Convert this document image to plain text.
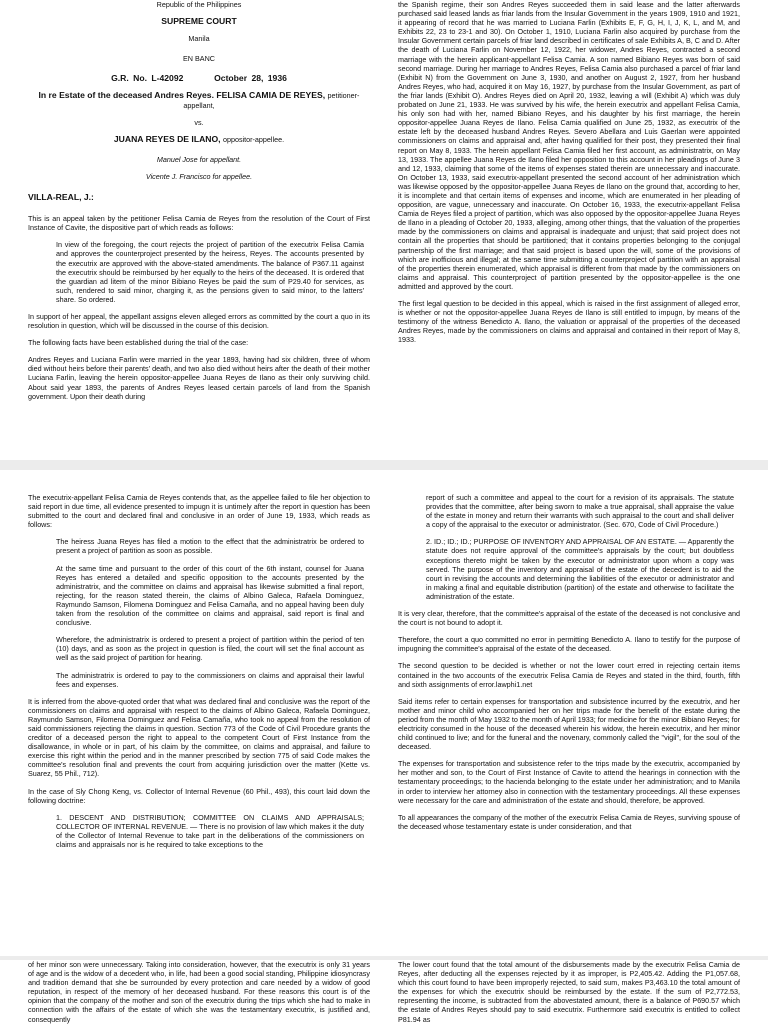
Republic of the Philippines

SUPREME COURT

Manila

EN BANC

G.R. No. L-42092	October 28, 1936

In re Estate of the deceased Andres Reyes. FELISA CAMIA DE REYES, petitioner-appellant,

vs.

JUANA REYES DE ILANO, oppositor-appellee.

Manuel Jose for appellant.

Vicente J. Francisco for appellee.

VILLA-REAL, J.:

This is an appeal taken by the petitioner Felisa Camia de Reyes from the resolution of the Court of First Instance of Cavite, the dispositive part of which reads as follows:

In view of the foregoing, the court rejects the project of partition of the executrix Felisa Camia and approves the counterproject presented by the heiress, Reyes. The accounts presented by the executrix are approved with the above-stated amendments. The balance of P367.11 against the executrix should be reimbursed by her equally to the heirs of the deceased. It is ordered that the guardian ad litem of the minor Bibiano Reyes be paid the sum of P29.40 for services, as such, rendered to said minor, charging it, as the pensions given to said minor, to the latters' share. So ordered.

In support of her appeal, the appellant assigns eleven alleged errors as committed by the court a quo in its resolution in question, which will be discussed in the course of this decision.

The following facts have been established during the trial of the case:

Andres Reyes and Luciana Farlin were married in the year 1893, having had six children, three of whom died without heirs before their parents' death, and two also died without heirs after the death of their mother Luciana Farlin, leaving the herein oppositor-appellee Juana Reyes de Ilano as their only surviving child. About said year 1893, the parents of Andres Reyes leased certain parcels of land from the Spanish government. Upon their death during

the Spanish regime, their son Andres Reyes succeeded them in said lease and the latter afterwards purchased said leased lands as friar lands from the Insular Government in the years 1909, 1910 and 1921, it appearing of record that he was married to Luciana Farlin (Exhibits E, F, G, H, I, J, K, L, and M, and Exhibits 22, 23 to 23-1 and 30). On October 1, 1910, Luciana Farlin also acquired by purchase from the Insular Government certain parcels of friar land described in certificates of sale Exhibits A, B, C and D. After the death of Luciana Farlin on November 12, 1922, her widower, Andres Reyes, contracted a second marriage with the herein applicant-appellant Felisa Camia. A son named Bibiano Reyes was born of said second marriage. During her marriage to Andres Reyes, Felisa Camia also purchased a parcel of friar land (Exhibit N) from the Government on June 3, 1930, and another on August 2, 1927, from her husband Andres Reyes, who had, acquired it on May 16, 1927, by purchase from the Insular Government, as part of the friar lands (Exhibit O). Andres Reyes died on April 20, 1932, leaving a will (Exhibit A) which was duly probated on June 21, 1933. He was survived by his wife, the herein executrix and appellant Felisa Camia, his only son had with her, named Bibiano Reyes, and his daughter by his first marriage, the herein oppositor-appellee Juana Reyes de Ilano. Felisa Camia qualified on June 25, 1932, as executrix of the estate left by the deceased husband Andres Reyes. Severo Abellara and Luis Gaerlan were appointed commissioners on claims and appraisal and, after having qualified for their post, they presented their final report on May 8, 1933. The herein appellant Felisa Camia filed her first account, as administratrix, on May 13, 1933. The appellee Juana Reyes de Ilano filed her opposition to this account in her pleadings of June 3 and 12, 1933, claiming that some of the items of expenses stated therein are unnecessary and inaccurate. On October 13, 1933, said executrix-appellant presented the second account of her administration which was likewise opposed by the oppositor-appellee Juana Reyes de Ilano on the ground that, according to her, it is incomplete and that certain items of expenses and income, which are enumerated in her pleading of opposition, are vague, unnecessary and inaccurate. On October 16, 1933, the executrix-appellant Felisa Camia de Reyes filed a project of partition, which was also opposed by the oppositor-appellee Juana Reyes de Ilano in a pleading of October 20, 1933, alleging, among other things, that the valuation of the properties made by the commissioners on claims and appraisal is inadequate and unjust; that said project does not contain all the properties that should be partitioned; that it contains properties belonging to the conjugal partnership of the first marriage; and that said project is based upon the will, some of the provisions of which are inofficious and illegal; at the same time submitting a counterproject of partition with an appraisal of the properties therein enumerated, which appraisal is different from that made by the commissioners on claims and appraisal. This counterproject of partition presented by the oppositor-appellee is the one admitted and approved by the court.

The first legal question to be decided in this appeal, which is raised in the first assignment of alleged error, is whether or not the oppositor-appellee Juana Reyes de Ilano is still entitled to impugn, by means of the testimony of the witness Benedicto A. Ilano, the valuation or appraisal of the properties of the deceased Andres Reyes, made by the commissioners on claims and appraisal and contained in their report of May 8, 1933.

The executrix-appellant Felisa Camia de Reyes contends that, as the appellee failed to file her objection to said report in due time, all evidence presented to impugn it is untimely after the report in question has been submitted to the court and declared final and conclusive in an order of June 19, 1933, which reads as follows:

The heiress Juana Reyes has filed a motion to the effect that the administratrix be ordered to present a project of partition as soon as possible.

At the same time and pursuant to the order of this court of the 6th instant, counsel for Juana Reyes has entered a detailed and specific opposition to the accounts presented by the administratrix, and the committee on claims and appraisal has likewise submitted a final report, rejecting, for the reason stated therein, the claims of Albino Galeca, Rafaela Dominguez, Raymundo Samson, Filomena Dominguez and Felisa Camaña, and no appeal having been duly taken from the resolution of the committee on claims and appraisal, said report is final and conclusive.

Wherefore, the administratrix is ordered to present a project of partition within the period of ten (10) days, and as soon as the project in question is filed, the court will set the final account as well as the said project of partition for hearing.

The administratrix is ordered to pay to the commissioners on claims and appraisal their lawful fees and expenses.

It is inferred from the above-quoted order that what was declared final and conclusive was the report of the commissioners on claims and appraisal with respect to the claims of Albino Galeca, Rafaela Dominguez, Raymundo Samson, Filomena Dominguez and Felisa Camaña, who took no appeal from the resolution of said commissioners rejecting the claims in question. Section 773 of the Code of Civil Procedure grants the creditor of a deceased person the right to appeal to the competent Court of First Instance from the disallowance, in whole or in part, of his claim by the committee, on claims and appraisal, and failure to exercise this right within the period and in the manner prescribed by section 775 of said Code makes the committee's resolution final and prevents the court from acquiring jurisdiction over the matter (Kette vs. Suarez, 55 Phil., 712).

In the case of Sly Chong Keng, vs. Collector of Internal Revenue (60 Phil., 493), this court laid down the following doctrine:

1. DESCENT AND DISTRIBUTION; COMMITTEE ON CLAIMS AND APPRAISALS; COLLECTOR OF INTERNAL REVENUE. — There is no provision of law which makes it the duty of the Collector of Internal Revenue to take part in the deliberations of the commissioners on claims and appraisals nor is he required to take exceptions to the

report of such a committee and appeal to the court for a revision of its appraisals. The statute provides that the committee, after being sworn to make a true appraisal, shall appraise the value of the estate in money and return their warrants with such appraisal to the court and shall deliver a copy of the appraisal to the executor or administrator. (Sec. 670, Code of Civil Procedure.)

2. ID.; ID.; ID.; PURPOSE OF INVENTORY AND APPRAISAL OF AN ESTATE. — Apparently the statute does not require approval of the committee's appraisals by the court; but doubtless exceptions thereto might be taken by the executor or administrator upon whom a copy was served. The purpose of the inventory and appraisal of the estate of the decedent is to aid the court in revising the accounts and determining the liabilities of the executor or administrator and in making a final and equitable distribution (partition) of the estate and otherwise to facilitate the administration of the estate.

It is very clear, therefore, that the committee's appraisal of the estate of the deceased is not conclusive and the court is not bound to adopt it.

Therefore, the court a quo committed no error in permitting Benedicto A. Ilano to testify for the purpose of impugning the committee's appraisal of the estate of the deceased.

The second question to be decided is whether or not the lower court erred in rejecting certain items contained in the two accounts of the executrix Felisa Camia de Reyes and stated in the third, fourth, fifth and sixth assignments of error.lawphi1.net

Said items refer to certain expenses for transportation and subsistence incurred by the executrix, and her mother and minor child who accompanied her on her trips made for the benefit of the estate during the period from the month of May 1932 to the month of April 1933; for medicine for the minor Bibiano Reyes; for electricity consumed in the house of the deceased wherein his widow, the herein executrix, and her minor child continued to live; and for the funeral and the novenary, commonly called the "vigil", for the soul of the deceased.

The expenses for transportation and subsistence refer to the trips made by the executrix, accompanied by her mother and son, to the Court of First Instance of Cavite to attend the hearings in connection with the testamentary proceedings; to the hacienda belonging to the estate under her administration; and to Manila in order to interview her attorney also in connection with the testamentary proceedings. All these expenses were necessary for the care and administration of the estate and should, therefore, be approved.

To all appearances the company of the mother of the executrix Felisa Camia de Reyes, surviving spouse of the deceased whose testamentary estate is under consideration, and that

of her minor son were unnecessary. Taking into consideration, however, that the executrix is only 31 years of age and is the widow of a decedent who, in life, had been a good social standing, Philippine idiosyncrasy and tradition demand that she be surrounded by every protection and care needed by a widow of good reputation, in respect of the memory of her deceased husband. For these reasons this court is of the opinion that the company of the mother and son of the executrix during the trips which she had to make in connection with the affairs of the estate of which she was the testamentary executrix, is justified and, consequently

The lower court found that the total amount of the disbursements made by the executrix Felisa Camia de Reyes, after deducting all the expenses rejected by it as improper, is P2,405.42. Adding the P1,057.68, which this court found to have been improperly rejected, to said sum, makes P3,463.10 the total amount of the expenses for which the executrix should be reimbursed by the estate. If the sum of P2,772.53, representing the income, is subtracted from the abovestated amount, there is a balance of P690.57 which the estate of Andres Reyes should pay to said executrix. Furthermore said executrix is entitled to collect P81.94 as
